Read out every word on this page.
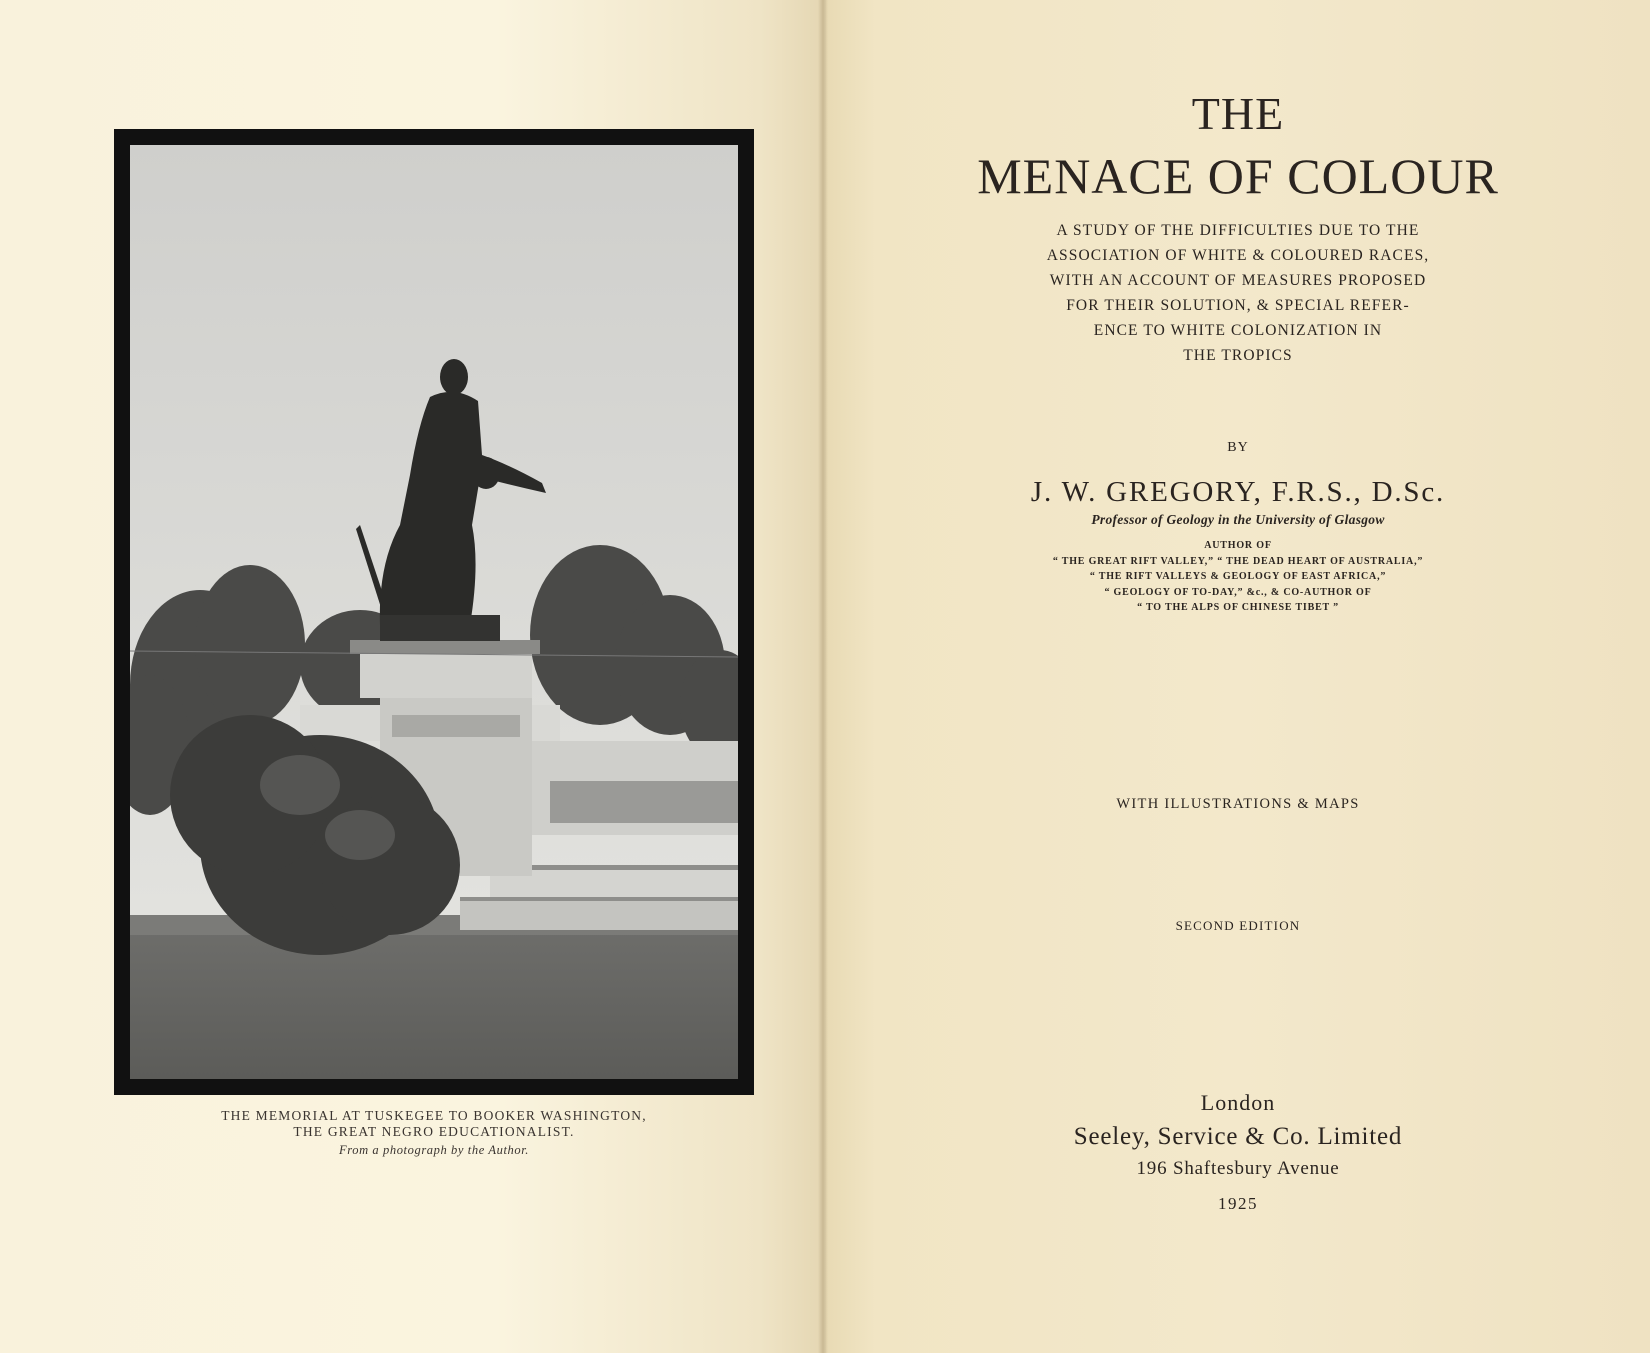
THE MEMORIAL AT TUSKEGEE TO BOOKER WASHINGTON,
THE GREAT NEGRO EDUCATIONALIST.
From a photograph by the Author.
THE
MENACE OF COLOUR
A STUDY OF THE DIFFICULTIES DUE TO THE
ASSOCIATION OF WHITE & COLOURED RACES,
WITH AN ACCOUNT OF MEASURES PROPOSED
FOR THEIR SOLUTION, & SPECIAL REFER-
ENCE TO WHITE COLONIZATION IN
THE TROPICS
BY
J. W. GREGORY, F.R.S., D.Sc.
Professor of Geology in the University of Glasgow
AUTHOR OF
“ THE GREAT RIFT VALLEY,” “ THE DEAD HEART OF AUSTRALIA,”
“ THE RIFT VALLEYS & GEOLOGY OF EAST AFRICA,”
“ GEOLOGY OF TO-DAY,” &c., & CO-AUTHOR OF
“ TO THE ALPS OF CHINESE TIBET ”
WITH ILLUSTRATIONS & MAPS
SECOND EDITION
London
Seeley, Service & Co. Limited
196 Shaftesbury Avenue
1925
